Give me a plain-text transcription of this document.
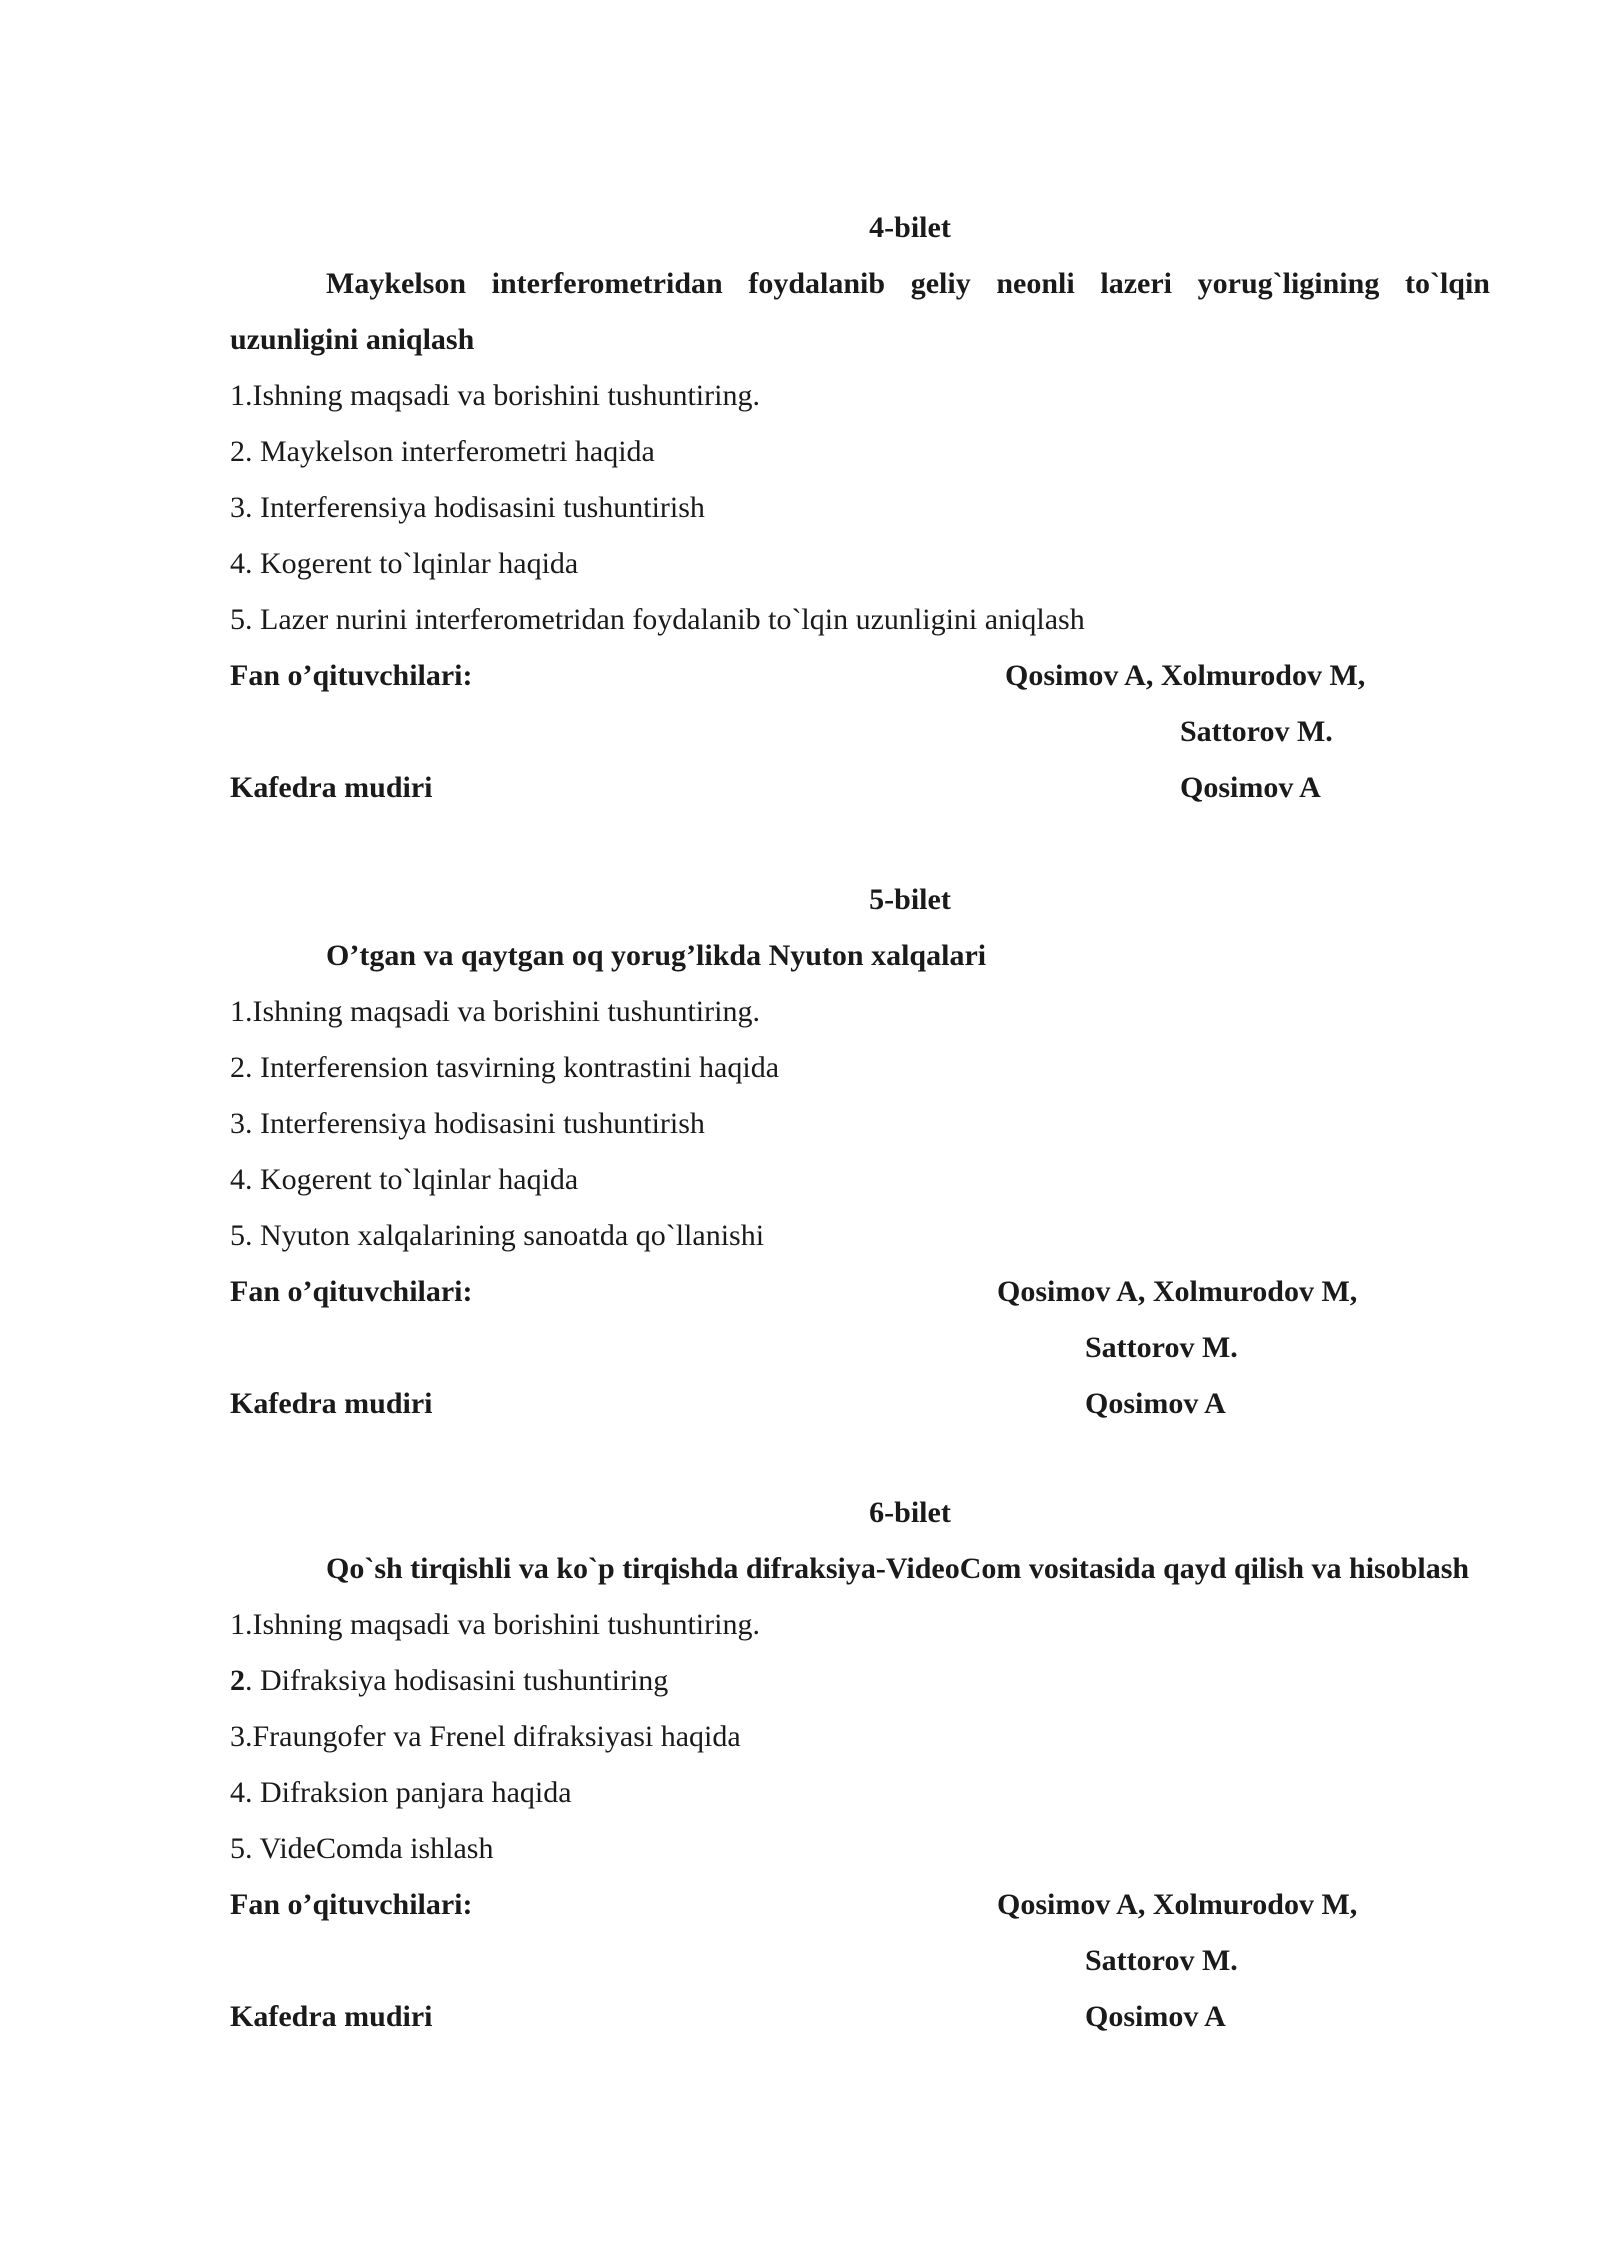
4-bilet

Maykelson interferometridan foydalanib geliy neonli lazeri yorug`ligining to`lqin uzunligini aniqlash

1.Ishning maqsadi va borishini tushuntiring.

2. Maykelson interferometri haqida

3. Interferensiya hodisasini tushuntirish

4. Kogerent to`lqinlar haqida

5. Lazer nurini interferometridan foydalanib to`lqin uzunligini aniqlash

Fan o’qituvchilari:	Qosimov A, Xolmurodov M,
Sattorov M.
Kafedra mudiri	Qosimov A

5-bilet

O’tgan va qaytgan oq yorug’likda Nyuton xalqalari

1.Ishning maqsadi va borishini tushuntiring.

2. Interferension tasvirning kontrastini haqida

3. Interferensiya hodisasini tushuntirish

4. Kogerent to`lqinlar haqida

5. Nyuton xalqalarining sanoatda qo`llanishi

Fan o’qituvchilari:	Qosimov A, Xolmurodov M,
Sattorov M.
Kafedra mudiri	Qosimov A

6-bilet

Qo`sh tirqishli va ko`p tirqishda difraksiya-VideoCom vositasida qayd qilish va hisoblash

1.Ishning maqsadi va borishini tushuntiring.

2. Difraksiya hodisasini tushuntiring

3.Fraungofer va Frenel difraksiyasi haqida

4. Difraksion panjara haqida

5. VideComda ishlash

Fan o’qituvchilari:	Qosimov A, Xolmurodov M,
Sattorov M.
Kafedra mudiri	Qosimov A
